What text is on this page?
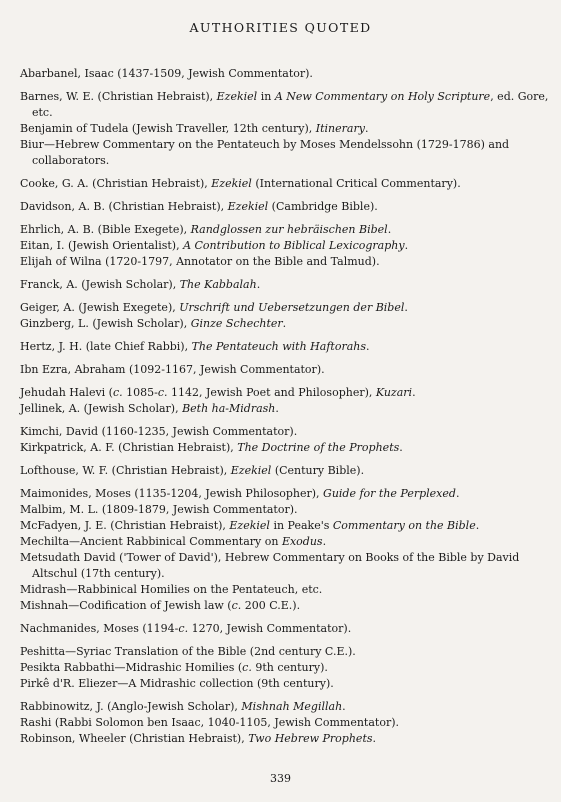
AUTHORITIES QUOTED
Abarbanel, Isaac (1437-1509, Jewish Commentator).
Barnes, W. E. (Christian Hebraist), Ezekiel in A New Commentary on Holy Scripture, ed. Gore, etc.
Benjamin of Tudela (Jewish Traveller, 12th century), Itinerary.
Biur—Hebrew Commentary on the Pentateuch by Moses Mendelssohn (1729-1786) and collaborators.
Cooke, G. A. (Christian Hebraist), Ezekiel (International Critical Commentary).
Davidson, A. B. (Christian Hebraist), Ezekiel (Cambridge Bible).
Ehrlich, A. B. (Bible Exegete), Randglossen zur hebräischen Bibel.
Eitan, I. (Jewish Orientalist), A Contribution to Biblical Lexicography.
Elijah of Wilna (1720-1797, Annotator on the Bible and Talmud).
Franck, A. (Jewish Scholar), The Kabbalah.
Geiger, A. (Jewish Exegete), Urschrift und Uebersetzungen der Bibel.
Ginzberg, L. (Jewish Scholar), Ginze Schechter.
Hertz, J. H. (late Chief Rabbi), The Pentateuch with Haftorahs.
Ibn Ezra, Abraham (1092-1167, Jewish Commentator).
Jehudah Halevi (c. 1085-c. 1142, Jewish Poet and Philosopher), Kuzari.
Jellinek, A. (Jewish Scholar), Beth ha-Midrash.
Kimchi, David (1160-1235, Jewish Commentator).
Kirkpatrick, A. F. (Christian Hebraist), The Doctrine of the Prophets.
Lofthouse, W. F. (Christian Hebraist), Ezekiel (Century Bible).
Maimonides, Moses (1135-1204, Jewish Philosopher), Guide for the Perplexed.
Malbim, M. L. (1809-1879, Jewish Commentator).
McFadyen, J. E. (Christian Hebraist), Ezekiel in Peake's Commentary on the Bible.
Mechilta—Ancient Rabbinical Commentary on Exodus.
Metsudath David ('Tower of David'), Hebrew Commentary on Books of the Bible by David Altschul (17th century).
Midrash—Rabbinical Homilies on the Pentateuch, etc.
Mishnah—Codification of Jewish law (c. 200 C.E.).
Nachmanides, Moses (1194-c. 1270, Jewish Commentator).
Peshitta—Syriac Translation of the Bible (2nd century C.E.).
Pesikta Rabbathi—Midrashic Homilies (c. 9th century).
Pirkê d'R. Eliezer—A Midrashic collection (9th century).
Rabbinowitz, J. (Anglo-Jewish Scholar), Mishnah Megillah.
Rashi (Rabbi Solomon ben Isaac, 1040-1105, Jewish Commentator).
Robinson, Wheeler (Christian Hebraist), Two Hebrew Prophets.
339
